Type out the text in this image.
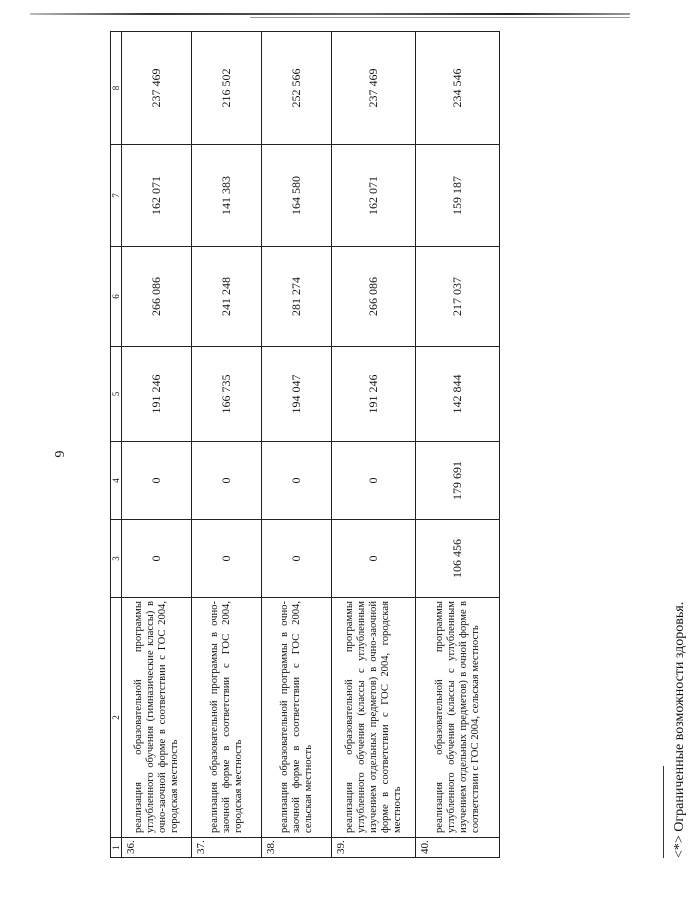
6
1	2	3	4	5	6	7	8
36.	реализация образовательной программы углубленного обучения (гимназические классы) в очно-заочной форме в соответствии с ГОС 2004, городская местность	0	0	191 246	266 086	162 071	237 469
37.	реализация образовательной программы в очно-заочной форме в соответствии с ГОС 2004, городская местность	0	0	166 735	241 248	141 383	216 502
38.	реализация образовательной программы в очно-заочной форме в соответствии с ГОС 2004, сельская местность	0	0	194 047	281 274	164 580	252 566
39.	реализация образовательной программы углубленного обучения (классы с углубленным изучением отдельных предметов) в очно-заочной форме в соответствии с ГОС 2004, городская местность	0	0	191 246	266 086	162 071	237 469
40.	реализация образовательной программы углубленного обучения (классы с углубленным изучением отдельных предметов) в очной форме в соответствии с ГОС 2004, сельская местность	106 456	179 691	142 844	217 037	159 187	234 546
<*> Ограниченные возможности здоровья.
